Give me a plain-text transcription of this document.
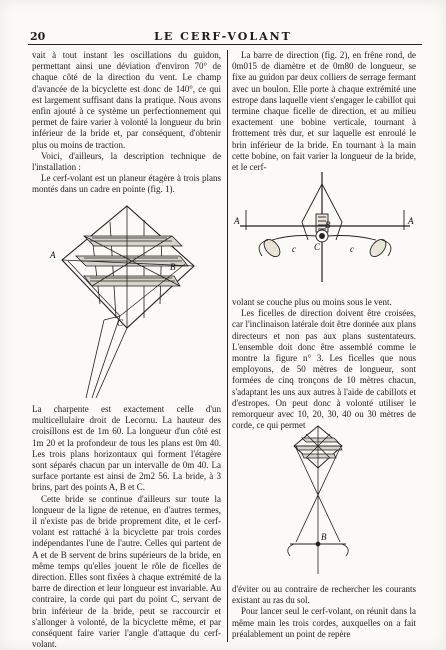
20	LE CERF-VOLANT

vait à tout instant les oscillations du guidon, permettant ainsi une déviation d'environ 70° de chaque côté de la direction du vent. Le champ d'avancée de la bicyclette est donc de 140°, ce qui est largement suffisant dans la pratique. Nous avons enfin ajouté à ce système un perfectionnement qui permet de faire varier à volonté la longueur du brin inférieur de la bride et, par conséquent, d'obtenir plus ou moins de traction.

Voici, d'ailleurs, la description technique de l'installation :

Le cerf-volant est un planeur étagère à trois plans montés dans un cadre en pointe (fig. 1).

A
B
C

La charpente est exactement celle d'un multicellulaire droit de Lecornu. La hauteur des croisillons est de 1m 60. La longueur d'un côté est 1m 20 et la profondeur de tous les plans est 0m 40. Les trois plans horizontaux qui forment l'étagère sont séparés chacun par un intervalle de 0m 40. La surface portante est ainsi de 2m2 56. La bride, à 3 brins, part des points A, B et C.

Cette bride se continue d'ailleurs sur toute la longueur de la ligne de retenue, en d'autres termes, il n'existe pas de bride proprement dite, et le cerf-volant est rattaché à la bicyclette par trois cordes indépendantes l'une de l'autre. Celles qui partent de A et de B servent de brins supérieurs de la bride, en même temps qu'elles jouent le rôle de ficelles de direction. Elles sont fixées à chaque extrémité de la barre de direction et leur longueur est invariable. Au contraire, la corde qui part du point C, servant de brin inférieur de la bride, peut se raccourcir et s'allonger à volonté, de la bicyclette même, et par conséquent faire varier l'angle d'attaque du cerf-volant.

La barre de direction (fig. 2), en frêne rond, de 0m015 de diamètre et de 0m80 de longueur, se fixe au guidon par deux colliers de serrage fermant avec un boulon. Elle porte à chaque extrémité une estrope dans laquelle vient s'engager le cabillot qui termine chaque ficelle de direction, et au milieu exactement une bobine verticale, tournant à frottement très dur, et sur laquelle est enroulé le brin inférieur de la bride. En tournant à la main cette bobine, on fait varier la longueur de la bride, et le cerf-

A	A
B
C
c	c

volant se couche plus ou moins sous le vent.

Les ficelles de direction doivent être croisées, car l'inclinaison latérale doit être donnée aux plans directeurs et non pas aux plans sustentateurs. L'ensemble doit donc être assemblé comme le montre la figure n° 3. Les ficelles que nous employons, de 50 mètres de longueur, sont formées de cinq tronçons de 10 mètres chacun, s'adaptant les uns aux autres à l'aide de cabillots et d'estropes. On peut donc à volonté utiliser le remorqueur avec 10, 20, 30, 40 ou 30 mètres de corde, ce qui permet

B

d'éviter ou au contraire de rechercher les courants existant au ras du sol.

Pour lancer seul le cerf-volant, on réunit dans la même main les trois cordes, auxquelles on a fait préalablement un point de repère
